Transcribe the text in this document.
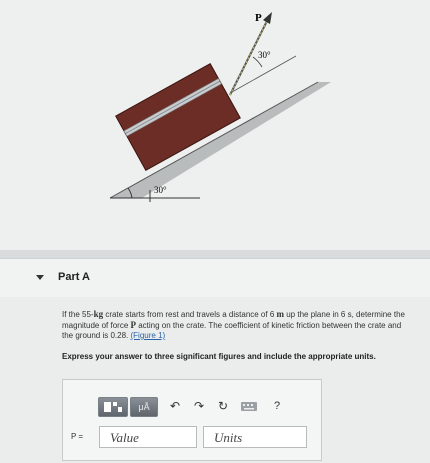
30°
P
30°
Part A
If the 55-kg crate starts from rest and travels a distance of 6 m up the plane in 6 s, determine the magnitude of force P acting on the crate. The coefficient of kinetic friction between the crate and the ground is 0.28. (Figure 1)
Express your answer to three significant figures and include the appropriate units.
μÅ	↶	↷	↻	?
P =	Value	Units
